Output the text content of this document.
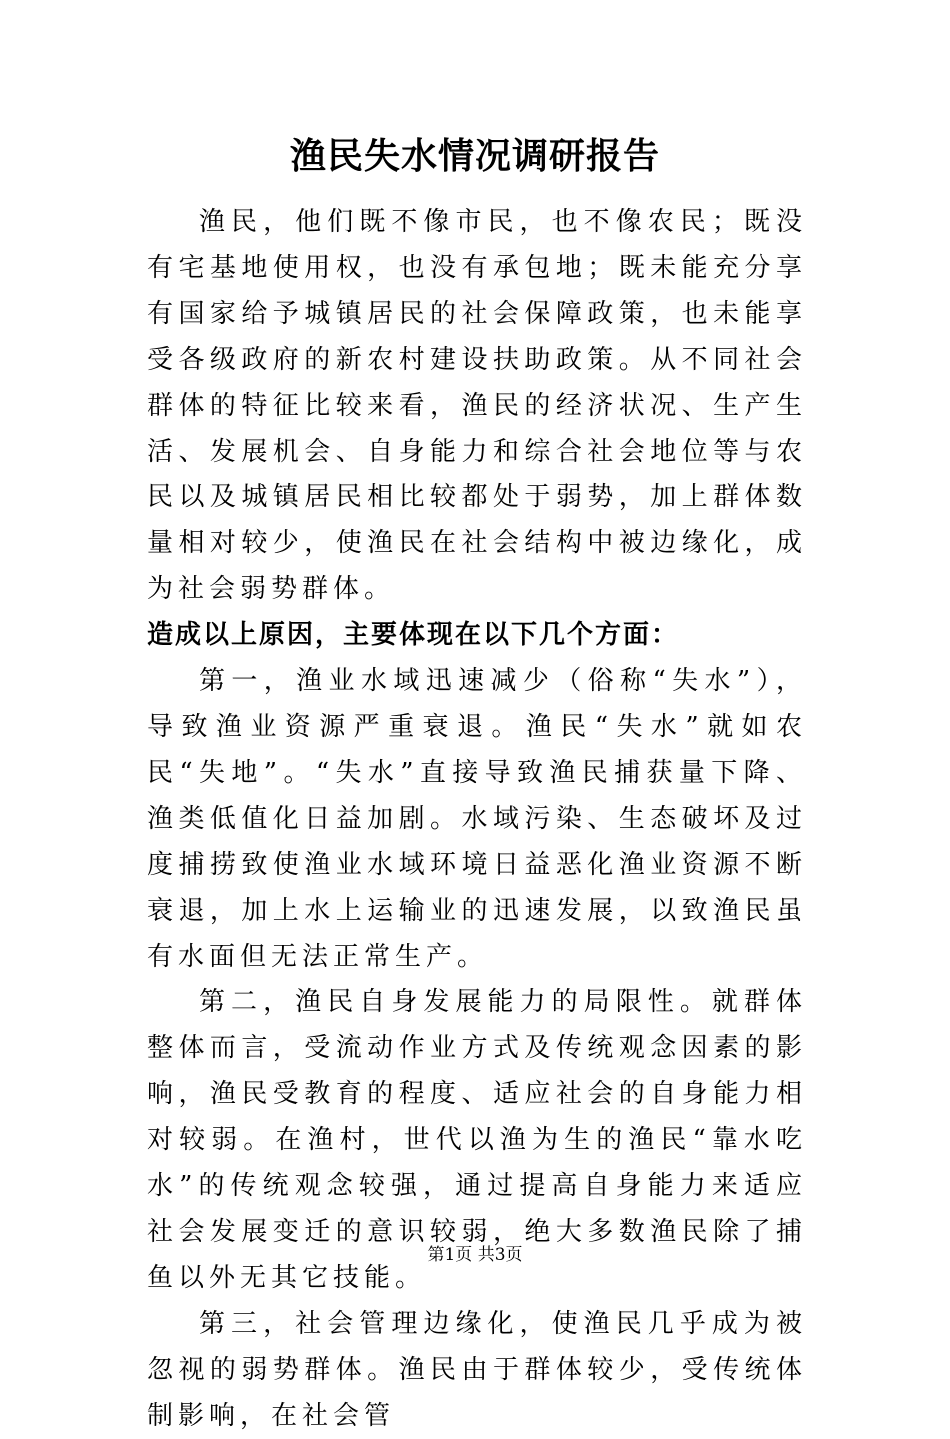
渔民失水情况调研报告

渔民，他们既不像市民，也不像农民；既没有宅基地使用权，也没有承包地；既未能充分享有国家给予城镇居民的社会保障政策，也未能享受各级政府的新农村建设扶助政策。从不同社会群体的特征比较来看，渔民的经济状况、生产生活、发展机会、自身能力和综合社会地位等与农民以及城镇居民相比较都处于弱势，加上群体数量相对较少，使渔民在社会结构中被边缘化，成为社会弱势群体。

造成以上原因，主要体现在以下几个方面：

第一，渔业水域迅速减少（俗称“失水”），导致渔业资源严重衰退。渔民“失水”就如农民“失地”。“失水”直接导致渔民捕获量下降、渔类低值化日益加剧。水域污染、生态破坏及过度捕捞致使渔业水域环境日益恶化渔业资源不断衰退，加上水上运输业的迅速发展，以致渔民虽有水面但无法正常生产。

第二，渔民自身发展能力的局限性。就群体整体而言，受流动作业方式及传统观念因素的影响，渔民受教育的程度、适应社会的自身能力相对较弱。在渔村，世代以渔为生的渔民“靠水吃水”的传统观念较强，通过提高自身能力来适应社会发展变迁的意识较弱，绝大多数渔民除了捕鱼以外无其它技能。

第三，社会管理边缘化，使渔民几乎成为被忽视的弱势群体。渔民由于群体较少，受传统体制影响，在社会管

第1页 共3页
